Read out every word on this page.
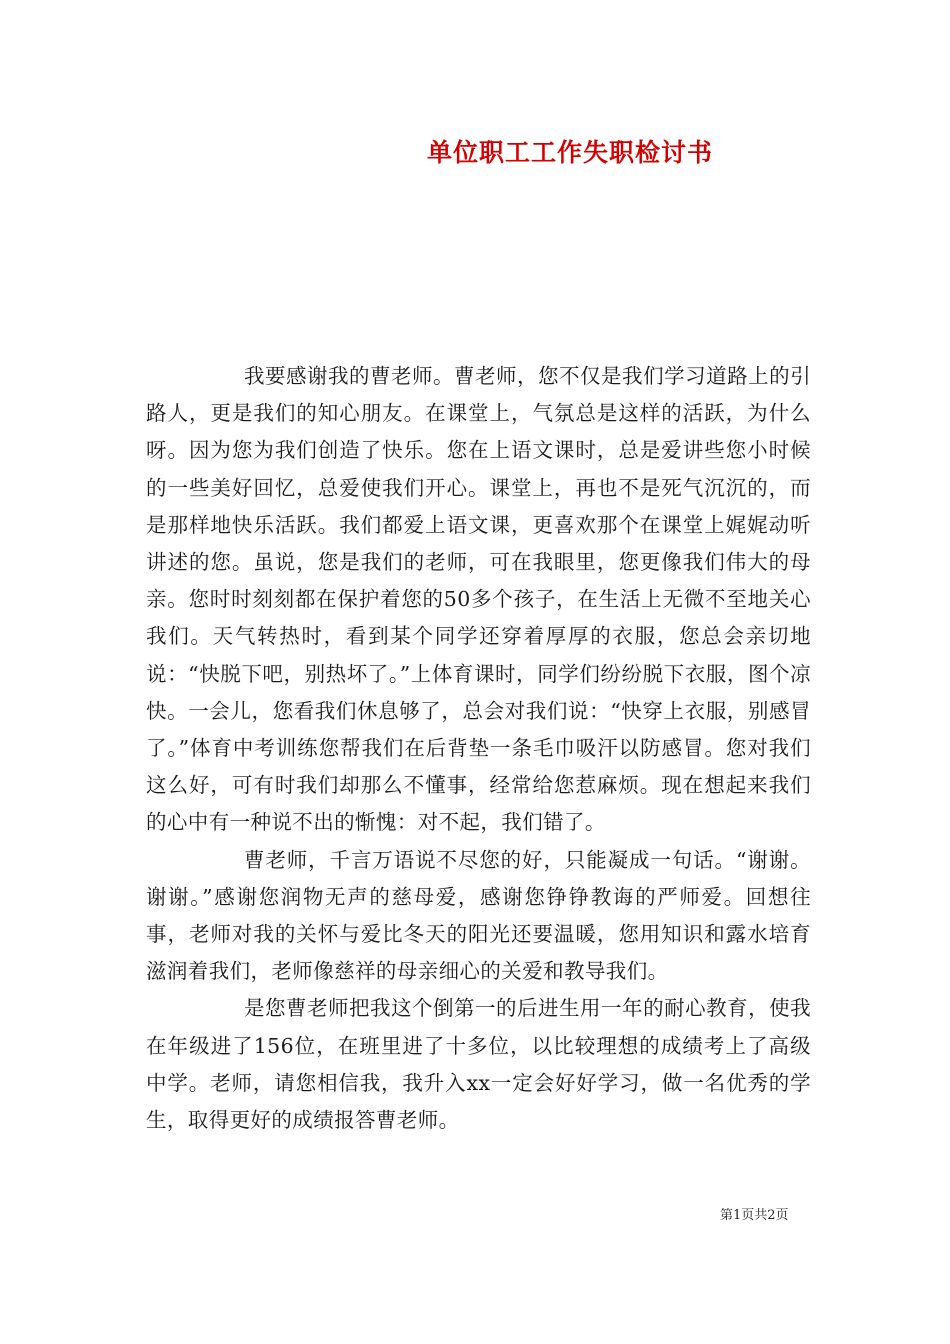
单位职工工作失职检讨书

我要感谢我的曹老师。曹老师，您不仅是我们学习道路上的引路人，更是我们的知心朋友。在课堂上，气氛总是这样的活跃，为什么呀。因为您为我们创造了快乐。您在上语文课时，总是爱讲些您小时候的一些美好回忆，总爱使我们开心。课堂上，再也不是死气沉沉的，而是那样地快乐活跃。我们都爱上语文课，更喜欢那个在课堂上娓娓动听讲述的您。虽说，您是我们的老师，可在我眼里，您更像我们伟大的母亲。您时时刻刻都在保护着您的50多个孩子，在生活上无微不至地关心我们。天气转热时，看到某个同学还穿着厚厚的衣服，您总会亲切地说：“快脱下吧，别热坏了。”上体育课时，同学们纷纷脱下衣服，图个凉快。一会儿，您看我们休息够了，总会对我们说：“快穿上衣服，别感冒了。”体育中考训练您帮我们在后背垫一条毛巾吸汗以防感冒。您对我们这么好，可有时我们却那么不懂事，经常给您惹麻烦。现在想起来我们的心中有一种说不出的惭愧：对不起，我们错了。

曹老师，千言万语说不尽您的好，只能凝成一句话。“谢谢。谢谢。”感谢您润物无声的慈母爱，感谢您铮铮教诲的严师爱。回想往事，老师对我的关怀与爱比冬天的阳光还要温暖，您用知识和露水培育滋润着我们，老师像慈祥的母亲细心的关爱和教导我们。

是您曹老师把我这个倒第一的后进生用一年的耐心教育，使我在年级进了156位，在班里进了十多位，以比较理想的成绩考上了高级中学。老师，请您相信我，我升入xx一定会好好学习，做一名优秀的学生，取得更好的成绩报答曹老师。

第1页共2页
